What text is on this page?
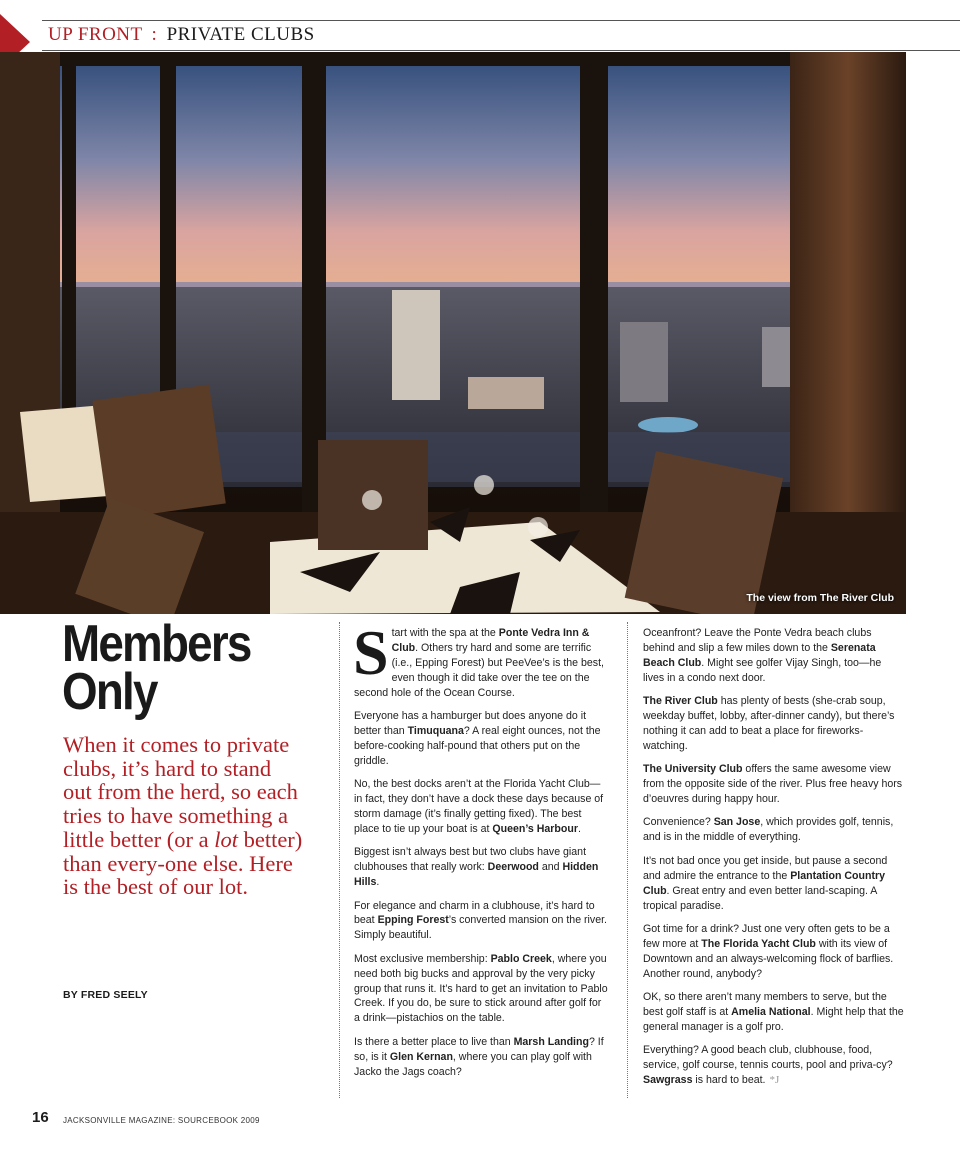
UP FRONT : PRIVATE CLUBS
The view from The River Club
Members
Only

When it comes to private clubs, it’s hard to stand out from the herd, so each tries to have something a little better (or a lot better) than every-one else. Here is the best of our lot.

BY FRED SEELY

Start with the spa at the Ponte Vedra Inn & Club. Others try hard and some are terrific (i.e., Epping Forest) but PeeVee’s is the best, even though it did take over the tee on the second hole of the Ocean Course.

Everyone has a hamburger but does anyone do it better than Timuquana? A real eight ounces, not the before-cooking half-pound that others put on the griddle.

No, the best docks aren’t at the Florida Yacht Club—in fact, they don’t have a dock these days because of storm damage (it’s finally getting fixed). The best place to tie up your boat is at Queen’s Harbour.

Biggest isn’t always best but two clubs have giant clubhouses that really work: Deerwood and Hidden Hills.

For elegance and charm in a clubhouse, it’s hard to beat Epping Forest’s converted mansion on the river. Simply beautiful.

Most exclusive membership: Pablo Creek, where you need both big bucks and approval by the very picky group that runs it. It’s hard to get an invitation to Pablo Creek. If you do, be sure to stick around after golf for a drink—pistachios on the table.

Is there a better place to live than Marsh Landing? If so, is it Glen Kernan, where you can play golf with Jacko the Jags coach?

Oceanfront? Leave the Ponte Vedra beach clubs behind and slip a few miles down to the Serenata Beach Club. Might see golfer Vijay Singh, too—he lives in a condo next door.

The River Club has plenty of bests (she-crab soup, weekday buffet, lobby, after-dinner candy), but there’s nothing it can add to beat a place for fireworks-watching.

The University Club offers the same awesome view from the opposite side of the river. Plus free heavy hors d’oeuvres during happy hour.

Convenience? San Jose, which provides golf, tennis, and is in the middle of everything.

It’s not bad once you get inside, but pause a second and admire the entrance to the Plantation Country Club. Great entry and even better land-scaping. A tropical paradise.

Got time for a drink? Just one very often gets to be a few more at The Florida Yacht Club with its view of Downtown and an always-welcoming flock of barflies. Another round, anybody?

OK, so there aren’t many members to serve, but the best golf staff is at Amelia National. Might help that the general manager is a golf pro.

Everything? A good beach club, clubhouse, food, service, golf course, tennis courts, pool and priva-cy? Sawgrass is hard to beat. *J

16 JACKSONVILLE MAGAZINE: SOURCEBOOK 2009
